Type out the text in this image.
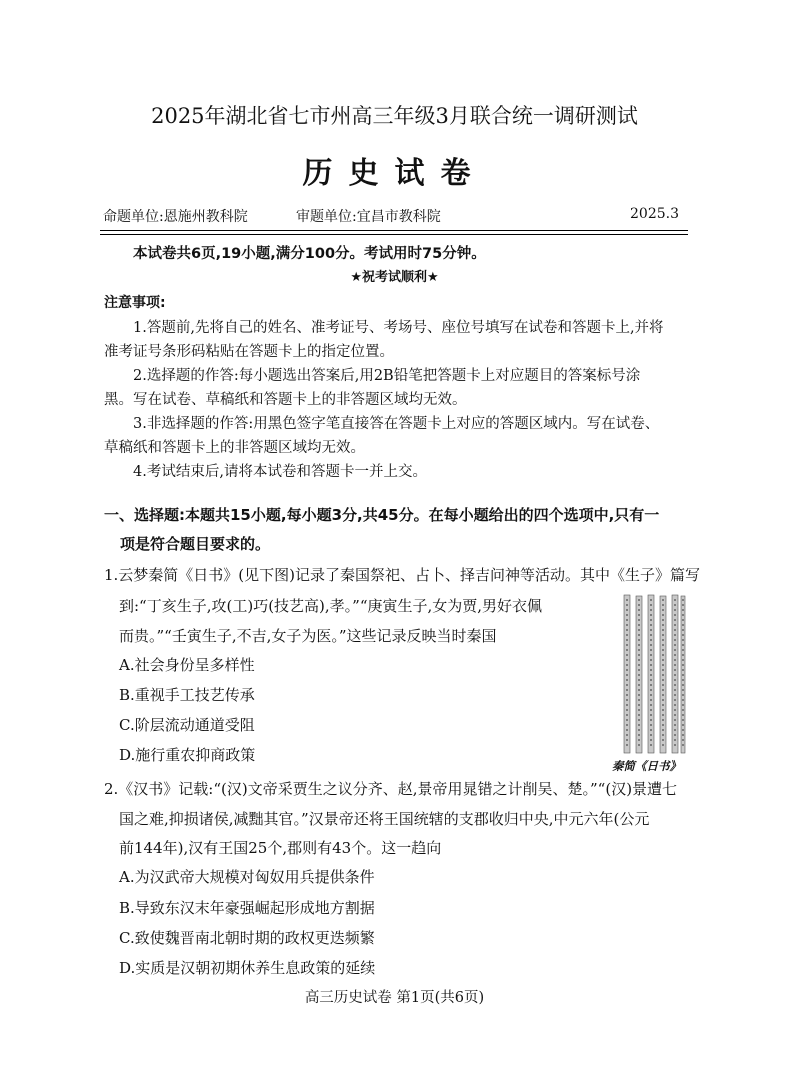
2025年湖北省七市州高三年级3月联合统一调研测试
历史试卷
命题单位:恩施州教科院	审题单位:宜昌市教科院	2025.3
本试卷共6页,19小题,满分100分。考试用时75分钟。
★祝考试顺利★
注意事项:
1.答题前,先将自己的姓名、准考证号、考场号、座位号填写在试卷和答题卡上,并将
准考证号条形码粘贴在答题卡上的指定位置。
2.选择题的作答:每小题选出答案后,用2B铅笔把答题卡上对应题目的答案标号涂
黑。写在试卷、草稿纸和答题卡上的非答题区域均无效。
3.非选择题的作答:用黑色签字笔直接答在答题卡上对应的答题区域内。写在试卷、
草稿纸和答题卡上的非答题区域均无效。
4.考试结束后,请将本试卷和答题卡一并上交。
一、选择题:本题共15小题,每小题3分,共45分。在每小题给出的四个选项中,只有一
项是符合题目要求的。
1.云梦秦简《日书》(见下图)记录了秦国祭祀、占卜、择吉问神等活动。其中《生子》篇写
到:“丁亥生子,攻(工)巧(技艺高),孝。”“庚寅生子,女为贾,男好衣佩
而贵。”“壬寅生子,不吉,女子为医。”这些记录反映当时秦国
A.社会身份呈多样性
B.重视手工技艺传承
C.阶层流动通道受阻
D.施行重农抑商政策
秦简《日书》
2.《汉书》记载:“(汉)文帝采贾生之议分齐、赵,景帝用晁错之计削吴、楚。”“(汉)景遭七
国之难,抑损诸侯,减黜其官。”汉景帝还将王国统辖的支郡收归中央,中元六年(公元
前144年),汉有王国25个,郡则有43个。这一趋向
A.为汉武帝大规模对匈奴用兵提供条件
B.导致东汉末年豪强崛起形成地方割据
C.致使魏晋南北朝时期的政权更迭频繁
D.实质是汉朝初期休养生息政策的延续
高三历史试卷 第1页(共6页)
